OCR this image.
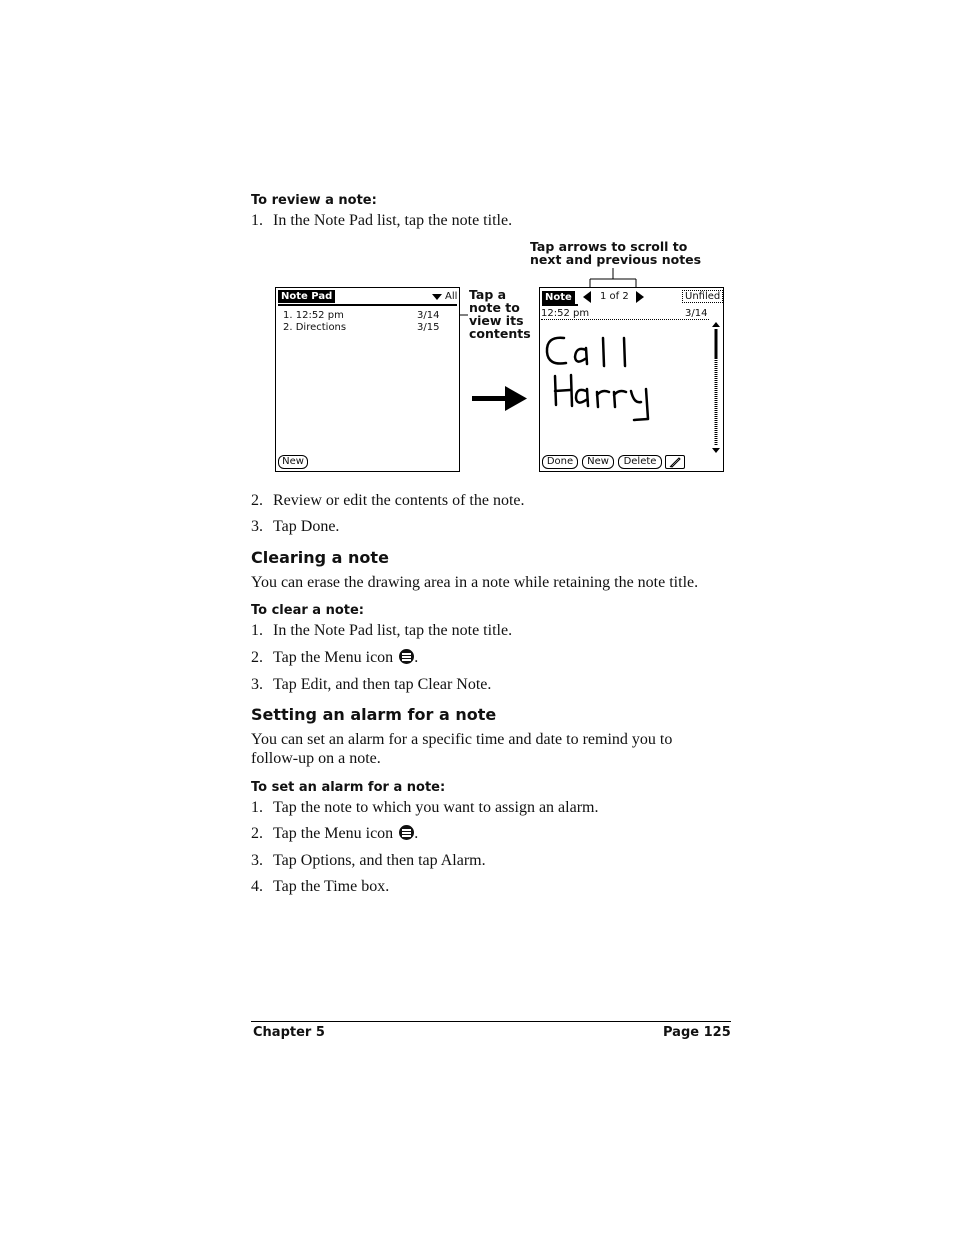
To review a note:
1. In the Note Pad list, tap the note title.
Tap arrows to scroll to
next and previous notes
Tap a
note to
view its
contents
Note Pad	All
1. 12:52 pm	3/14
2. Directions	3/15
New
Note	1 of 2	Unfiled
12:52 pm	3/14
Done	New	Delete
2. Review or edit the contents of the note.
3. Tap Done.
Clearing a note
You can erase the drawing area in a note while retaining the note title.
To clear a note:
1. In the Note Pad list, tap the note title.
2. Tap the Menu icon .
3. Tap Edit, and then tap Clear Note.
Setting an alarm for a note
You can set an alarm for a specific time and date to remind you to
follow-up on a note.
To set an alarm for a note:
1. Tap the note to which you want to assign an alarm.
2. Tap the Menu icon .
3. Tap Options, and then tap Alarm.
4. Tap the Time box.
Chapter 5	Page 125
